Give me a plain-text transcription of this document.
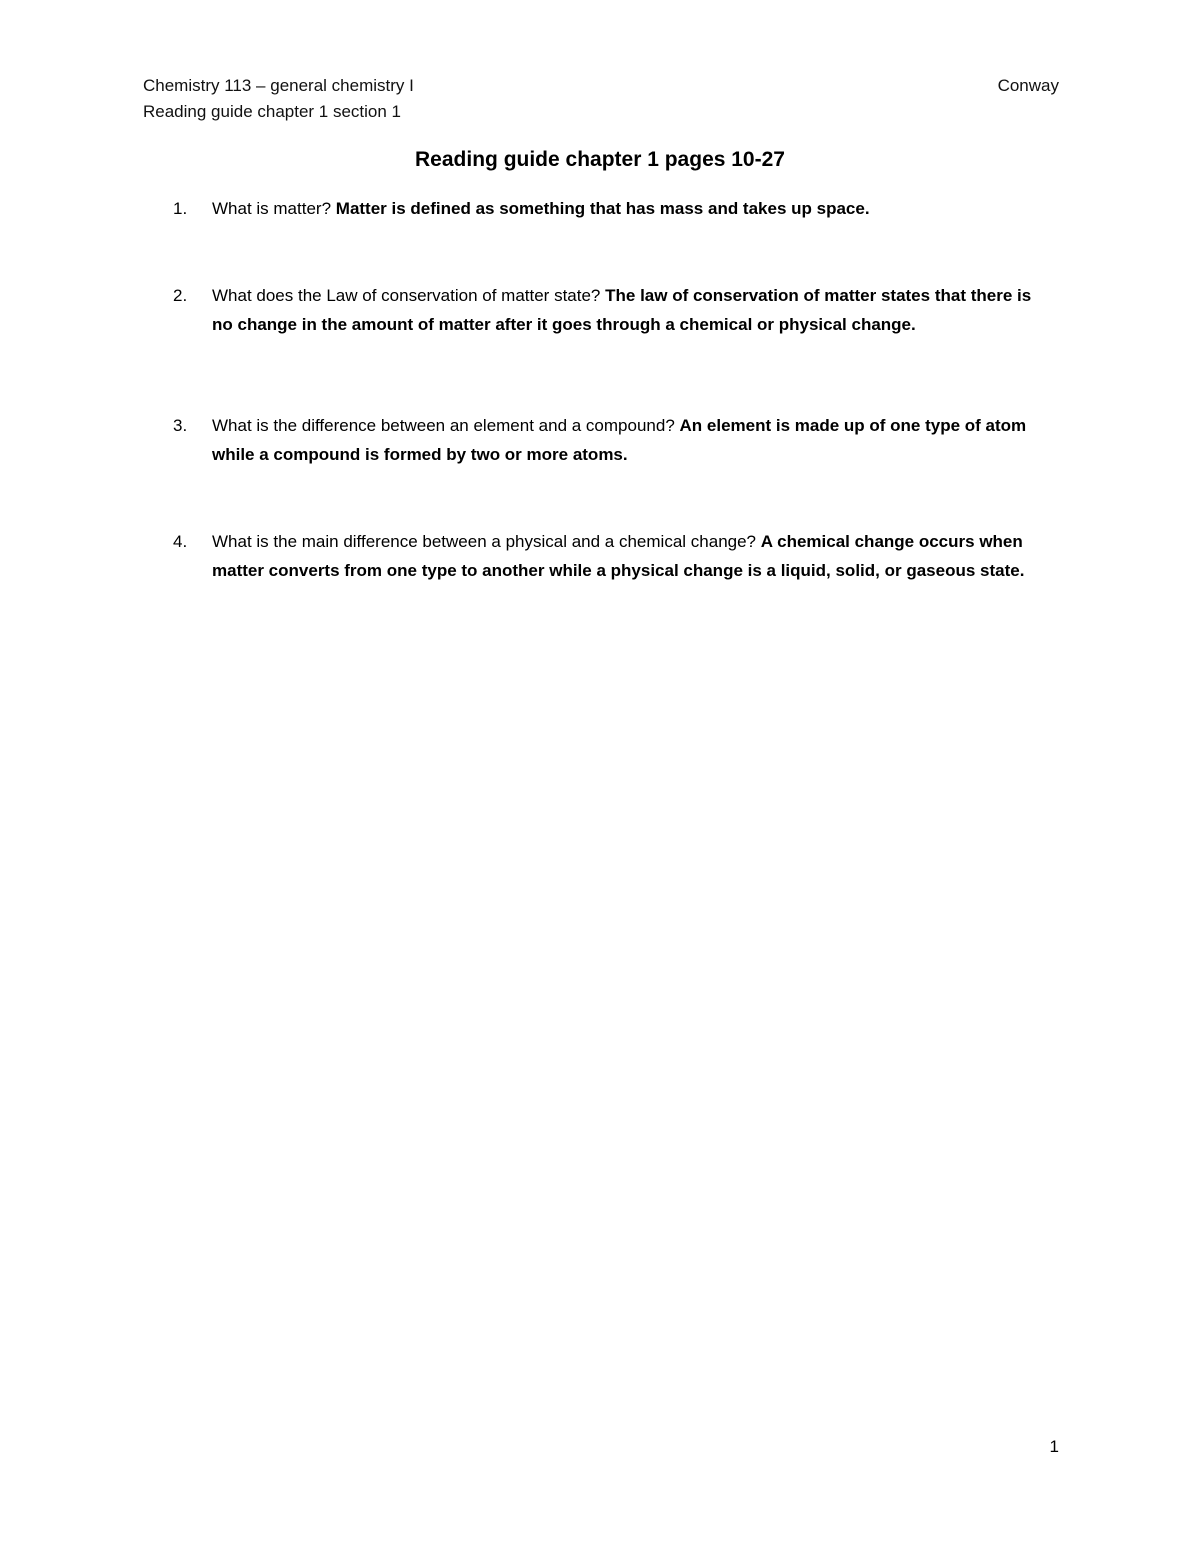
Chemistry 113 – general chemistry I
Reading guide chapter 1 section 1
Conway
Reading guide chapter 1 pages 10-27
1.	What is matter? Matter is defined as something that has mass and takes up space.
2.	What does the Law of conservation of matter state? The law of conservation of matter states that there is no change in the amount of matter after it goes through a chemical or physical change.
3.	What is the difference between an element and a compound? An element is made up of one type of atom while a compound is formed by two or more atoms.
4.	What is the main difference between a physical and a chemical change? A chemical change occurs when matter converts from one type to another while a physical change is a liquid, solid, or gaseous state.
1
